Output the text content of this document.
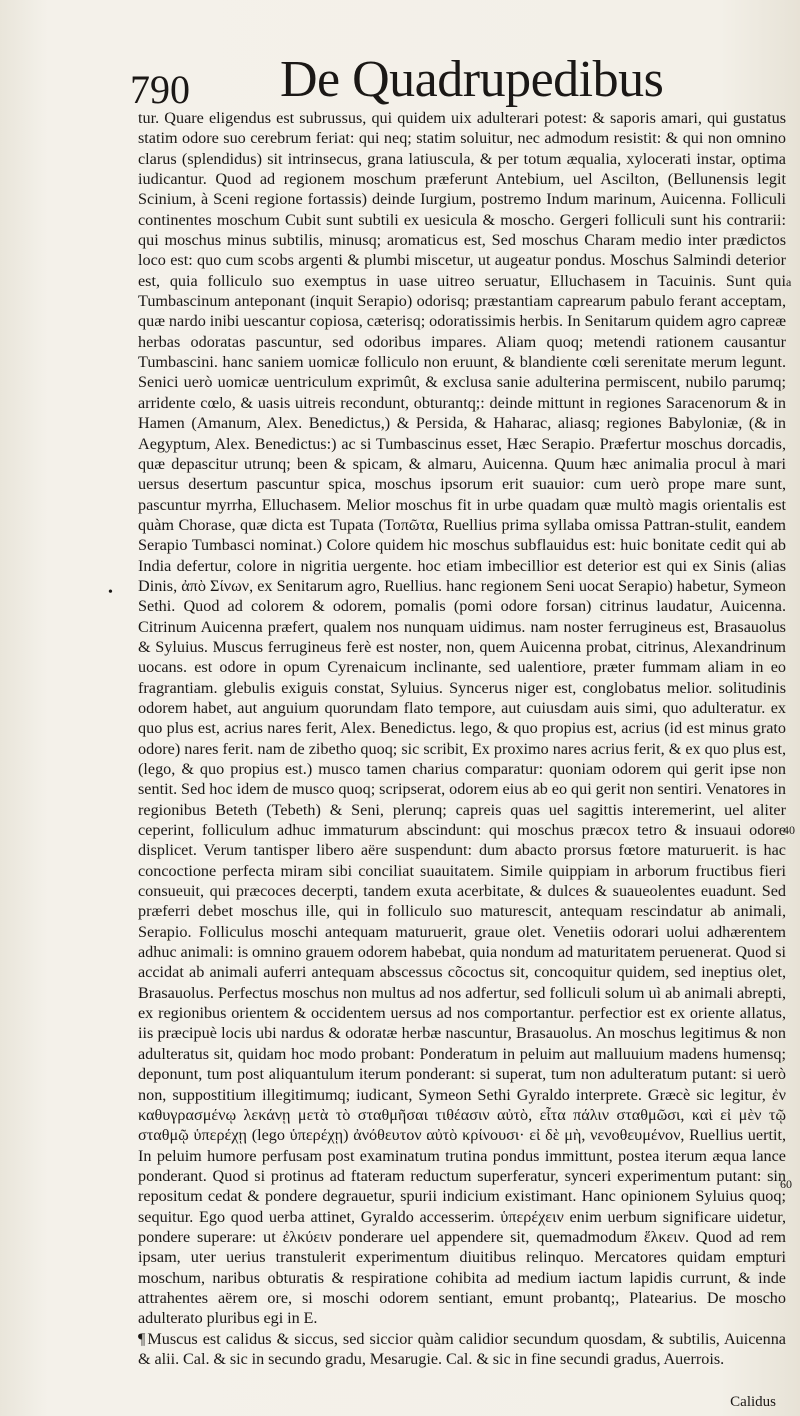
790 De Quadrupedibus

tur. Quare eligendus est subrussus, qui quidem uix adulterari potest: & saporis amari, qui gustatus statim odore suo cerebrum feriat: qui neq; statim soluitur, nec admodum resistit: & qui non omnino clarus (splendidus) sit intrinsecus, grana latiuscula, & per totum æqualia, xylocerati instar, optima iudicantur. Quod ad regionem moschum præferunt Antebium, uel Ascilton, (Bellunensis legit Scinium, à Sceni regione fortassis) deinde Iurgium, postremo Indum marinum, Auicenna. Folliculi continentes moschum Cubit sunt subtili ex uesicula & moscho. Gergeri folliculi sunt his contrarii: qui moschus minus subtilis, minusq; aromaticus est, Sed moschus Charam medio inter prædictos loco est: quo cum scobs argenti & plumbi miscetur, ut augeatur pondus. Moschus Salmindi deterior est, quia folliculo suo exemptus in uase uitreo seruatur, Elluchasem in Tacuinis. Sunt qui Tumbascinum anteponant (inquit Serapio) odorisq; præstantiam caprearum pabulo ferant acceptam, quæ nardo inibi uescantur copiosa, cæterisq; odoratissimis herbis. In Senitarum quidem agro capreæ herbas odoratas pascuntur, sed odoribus impares. Aliam quoq; metendi rationem causantur Tumbascini. hanc saniem uomicæ folliculo non eruunt, & blandiente cœli serenitate merum legunt. Senici uerò uomicæ uentriculum exprimût, & exclusa sanie adulterina permiscent, nubilo parumq; arridente cœlo, & uasis uitreis recondunt, obturantq;: deinde mittunt in regiones Saracenorum & in Hamen (Amanum, Alex. Benedictus,) & Persida, & Haharac, aliasq; regiones Babyloniæ, (& in Aegyptum, Alex. Benedictus:) ac si Tumbascinus esset, Hæc Serapio. Præfertur moschus dorcadis, quæ depascitur utrunq; been & spicam, & almaru, Auicenna. Quum hæc animalia procul à mari uersus desertum pascuntur spica, moschus ipsorum erit suauior: cum uerò prope mare sunt, pascuntur myrrha, Elluchasem. Melior moschus fit in urbe quadam quæ multò magis orientalis est quàm Chorase, quæ dicta est Tupata (Τοπῶτα, Ruellius prima syllaba omissa Pattran-stulit, eandem Serapio Tumbasci nominat.) Colore quidem hic moschus subflauidus est: huic bonitate cedit qui ab India defertur, colore in nigritia uergente. hoc etiam imbecillior est deterior est qui ex Sinis (alias Dinis, ἀπὸ Σίνων, ex Senitarum agro, Ruellius. hanc regionem Seni uocat Serapio) habetur, Symeon Sethi. Quod ad colorem & odorem, pomalis (pomi odore forsan) citrinus laudatur, Auicenna. Citrinum Auicenna præfert, qualem nos nunquam uidimus. nam noster ferrugineus est, Brasauolus & Syluius. Muscus ferrugineus ferè est noster, non, quem Auicenna probat, citrinus, Alexandrinum uocans. est odore in opum Cyrenaicum inclinante, sed ualentiore, præter fummam aliam in eo fragrantiam. glebulis exiguis constat, Syluius. Syncerus niger est, conglobatus melior. solitudinis odorem habet, aut anguium quorundam flato tempore, aut cuiusdam auis simi, quo adulteratur. ex quo plus est, acrius nares ferit, Alex. Benedictus. lego, & quo propius est, acrius (id est minus grato odore) nares ferit. nam de zibetho quoq; sic scribit, Ex proximo nares acrius ferit, & ex quo plus est, (lego, & quo propius est.) musco tamen charius comparatur: quoniam odorem qui gerit ipse non sentit. Sed hoc idem de musco quoq; scripserat, odorem eius ab eo qui gerit non sentiri. Venatores in regionibus Beteth (Tebeth) & Seni, plerunq; capreis quas uel sagittis interemerint, uel aliter ceperint, folliculum adhuc immaturum abscindunt: qui moschus præcox tetro & insuaui odore displicet. Verum tantisper libero aëre suspendunt: dum abacto prorsus fœtore maturuerit. is hac concoctione perfecta miram sibi conciliat suauitatem. Simile quippiam in arborum fructibus fieri consueuit, qui præcoces decerpti, tandem exuta acerbitate, & dulces & suaueolentes euadunt. Sed præferri debet moschus ille, qui in folliculo suo maturescit, antequam rescindatur ab animali, Serapio. Folliculus moschi antequam maturuerit, graue olet. Venetiis odorari uolui adhærentem adhuc animali: is omnino grauem odorem habebat, quia nondum ad maturitatem peruenerat. Quod si accidat ab animali auferri antequam abscessus cõcoctus sit, concoquitur quidem, sed ineptius olet, Brasauolus. Perfectus moschus non multus ad nos adfertur, sed folliculi solum uì ab animali abrepti, ex regionibus orientem & occidentem uersus ad nos comportantur. perfectior est ex oriente allatus, iis præcipuè locis ubi nardus & odoratæ herbæ nascuntur, Brasauolus. An moschus legitimus & non adulteratus sit, quidam hoc modo probant: Ponderatum in peluim aut malluuium madens humensq; deponunt, tum post aliquantulum iterum ponderant: si superat, tum non adulteratum putant: si uerò non, suppostitium illegitimumq; iudicant, Symeon Sethi Gyraldo interprete. Græcè sic legitur, ἐν καθυγρασμένῳ λεκάνῃ μετὰ τὸ σταθμῆσαι τιθέασιν αὐτὸ, εἶτα πάλιν σταθμῶσι, καὶ εἰ μὲν τῷ σταθμῷ ὑπερέχῃ (lego ὑπερέχῃ) ἀνόθευτον αὐτὸ κρίνουσι· εἰ δὲ μὴ, νενοθευμένον, Ruellius uertit, In peluim humore perfusam post examinatum trutina pondus immittunt, postea iterum æqua lance ponderant. Quod si protinus ad ftateram reductum superferatur, synceri experimentum putant: sin repositum cedat & pondere degrauetur, spurii indicium existimant. Hanc opinionem Syluius quoq; sequitur. Ego quod uerba attinet, Gyraldo accesserim. ὑπερέχειν enim uerbum significare uidetur, pondere superare: ut ἐλκύειν ponderare uel appendere sit, quemadmodum ἕλκειν. Quod ad rem ipsam, uter uerius transtulerit experimentum diuitibus relinquo. Mercatores quidam empturi moschum, naribus obturatis & respiratione cohibita ad medium iactum lapidis currunt, & inde attrahentes aërem ore, si moschi odorem sentiant, emunt probantq;, Platearius. De moscho adulterato pluribus egi in E.

¶ Muscus est calidus & siccus, sed siccior quàm calidior secundum quosdam, & subtilis, Auicenna & alii. Cal. & sic in secundo gradu, Mesarugie. Cal. & sic in fine secundi gradus, Auerrois.

•
a
40
60
Calidus
